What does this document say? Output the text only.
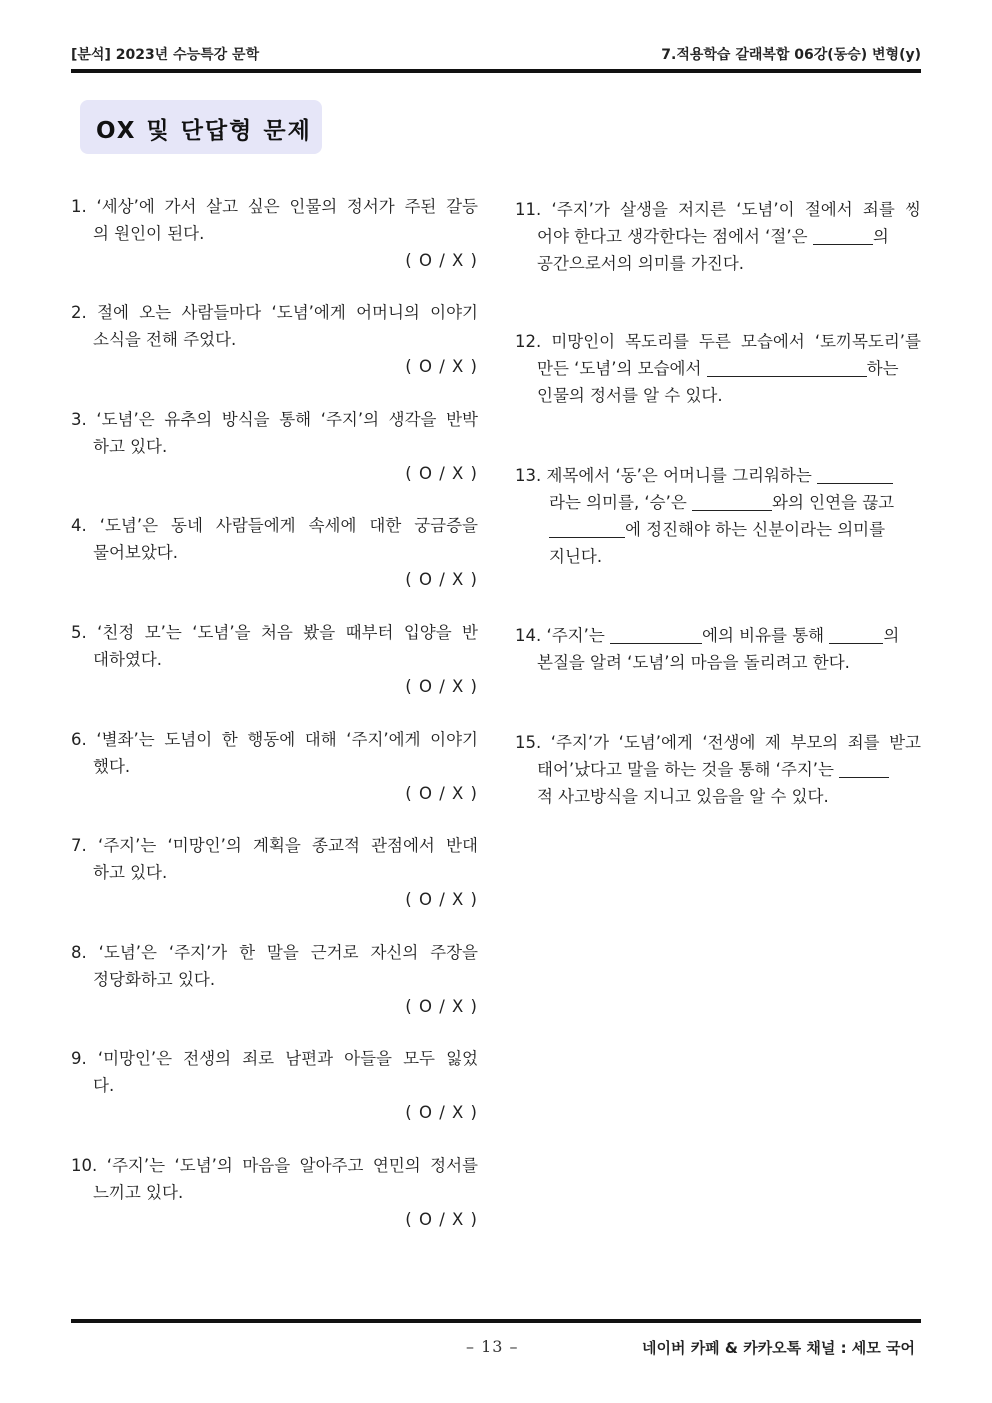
[분석] 2023년 수능특강 문학	7.적용학습 갈래복합 06강(동승) 변형(y)
OX 및 단답형 문제
1. ‘세상’에 가서 살고 싶은 인물의 정서가 주된 갈등
의 원인이 된다.
( O / X )
2. 절에 오는 사람들마다 ‘도념’에게 어머니의 이야기
소식을 전해 주었다.
( O / X )
3. ‘도념’은 유추의 방식을 통해 ‘주지’의 생각을 반박
하고 있다.
( O / X )
4. ‘도념’은 동네 사람들에게 속세에 대한 궁금증을
물어보았다.
( O / X )
5. ‘친정 모’는 ‘도념’을 처음 봤을 때부터 입양을 반
대하였다.
( O / X )
6. ‘별좌’는 도념이 한 행동에 대해 ‘주지’에게 이야기
했다.
( O / X )
7. ‘주지’는 ‘미망인’의 계획을 종교적 관점에서 반대
하고 있다.
( O / X )
8. ‘도념’은 ‘주지’가 한 말을 근거로 자신의 주장을
정당화하고 있다.
( O / X )
9. ‘미망인’은 전생의 죄로 남편과 아들을 모두 잃었
다.
( O / X )
10. ‘주지’는 ‘도념’의 마음을 알아주고 연민의 정서를
느끼고 있다.
( O / X )
11. ‘주지’가 살생을 저지른 ‘도념’이 절에서 죄를 씽
어야 한다고 생각한다는 점에서 ‘절’은	의
공간으로서의 의미를 가진다.
12. 미망인이 목도리를 두른 모습에서 ‘토끼목도리’를
만든 ‘도념’의 모습에서	하는
인물의 정서를 알 수 있다.
13. 제목에서 ‘동’은 어머니를 그리워하는
라는 의미를, ‘승’은	와의 인연을 끊고
에 정진해야 하는 신분이라는 의미를
지닌다.
14. ‘주지’는	에의 비유를 통해	의
본질을 알려 ‘도념’의 마음을 돌리려고 한다.
15. ‘주지’가 ‘도념’에게 ‘전생에 제 부모의 죄를 받고
태어’났다고 말을 하는 것을 통해 ‘주지’는
적 사고방식을 지니고 있음을 알 수 있다.
– 13 –	네이버 카페 & 카카오톡 채널 : 세모 국어
